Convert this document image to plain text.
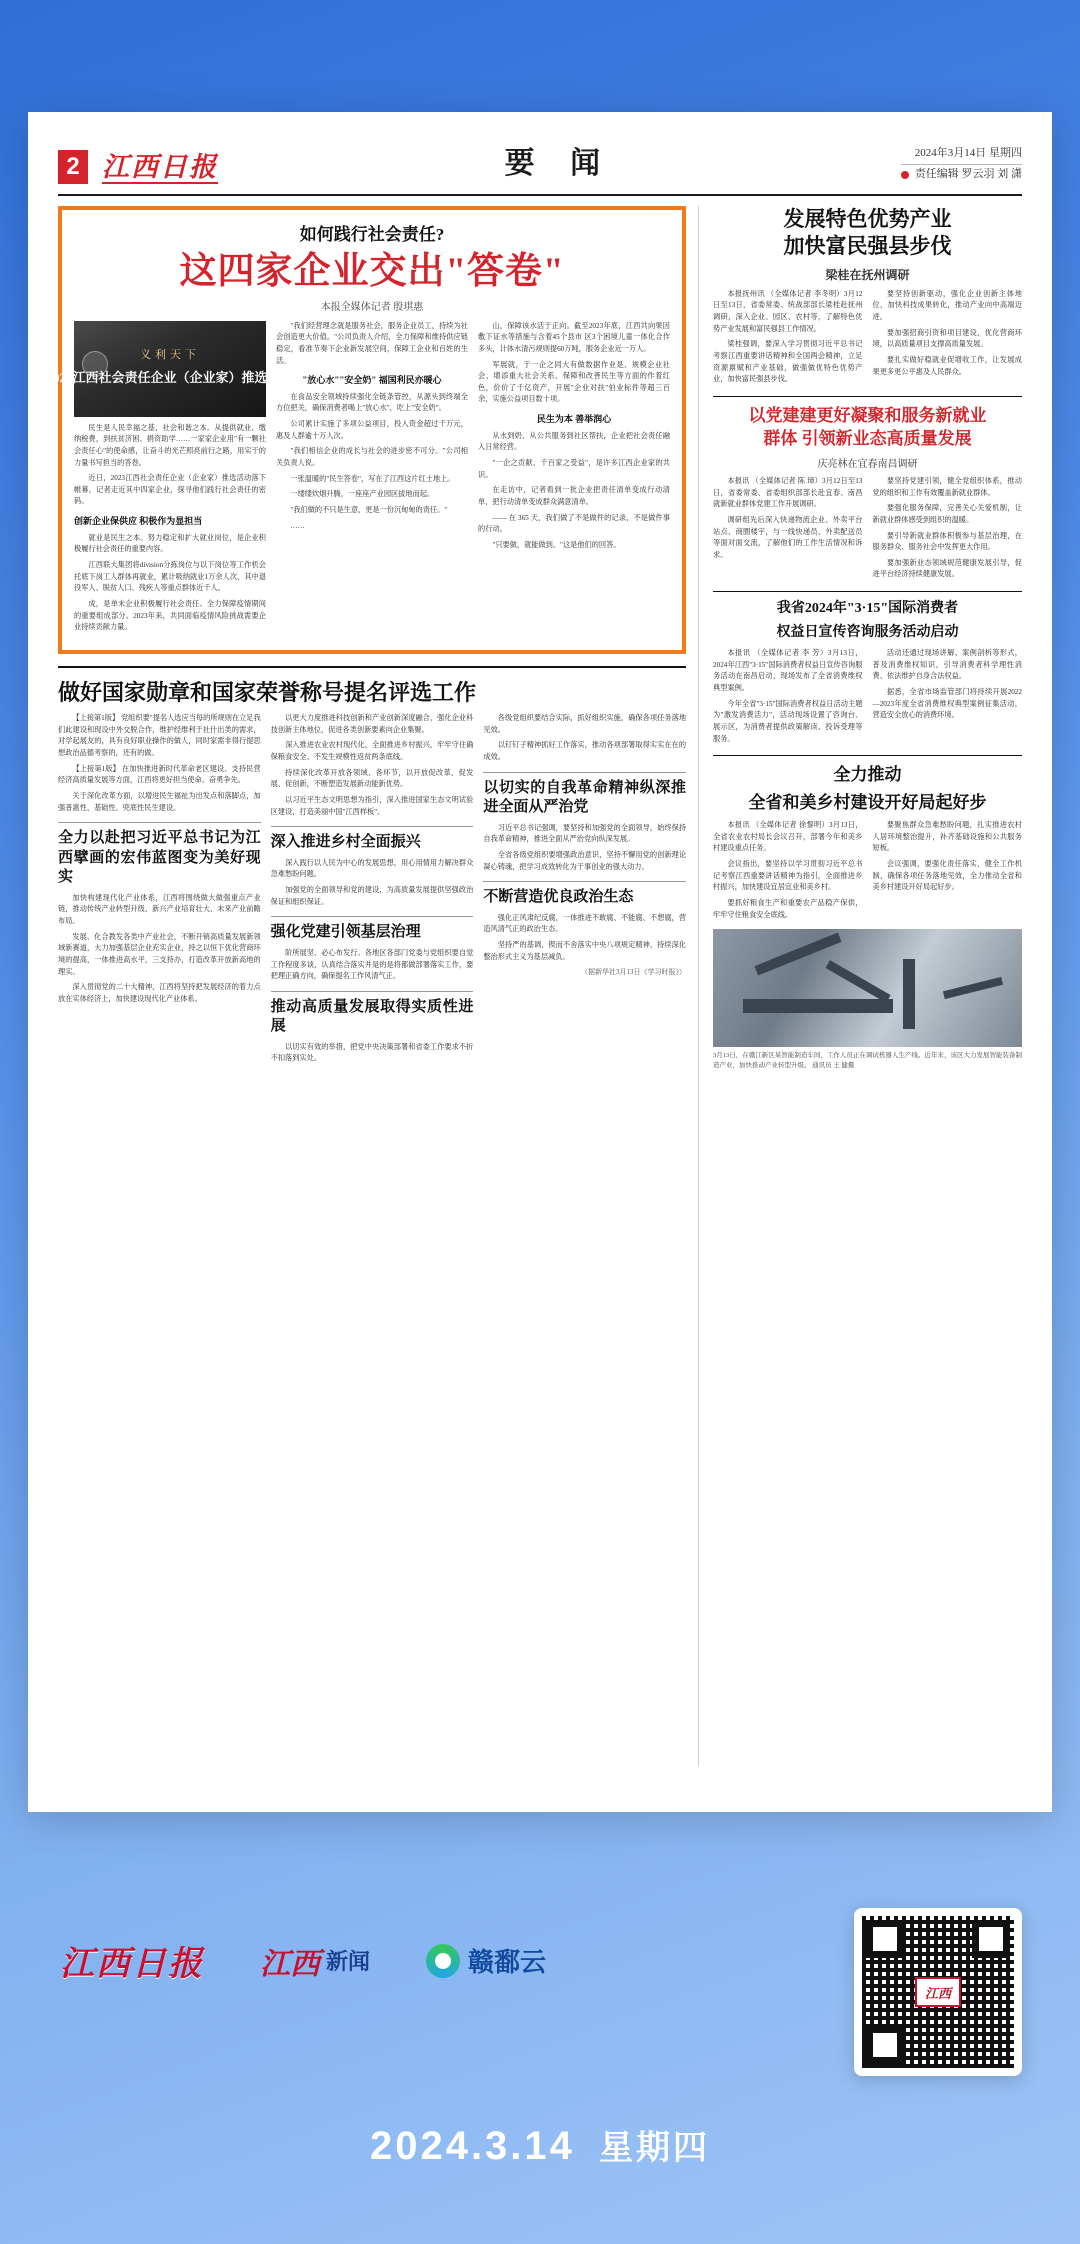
2 江西日报	要 闻	2024年3月14日 星期四
责任编辑 罗云羽 刘 潇
如何践行社会责任?
这四家企业交出"答卷"
本报全媒体记者 殷琪惠
义利天下
2023江西社会责任企业（企业家）推选活动

民生是人民幸福之基，社会和谐之本。从提供就业、缴纳税费，到扶贫济困、捐资助学……一家家企业用"有一颗社会责任心"的使命感，让奋斗的光芒照亮前行之路，用实干的力量书写担当的答卷。

近日，2023江西社会责任企业（企业家）推选活动落下帷幕，记者走近其中四家企业，探寻他们践行社会责任的密码。

创新企业保供应 积极作为显担当

就业是民生之本。努力稳定和扩大就业岗位，是企业积极履行社会责任的重要内容。

江西联大集团将division分拣岗位与以下岗位等工作机会托底下岗工人群体再就业，累计吸纳就业1万余人次，其中退役军人、脱贫人口、残疾人等重点群体近千人。

成，是单未企业积极履行社会责任。全力保障疫情期间的重要组成部分。2023年来，共同面临疫情风险挑战需要企业持续贡献力量。

"我们经营理念就是服务社会，服务企业员工，持续为社会创造更大价值。"公司负责人介绍，全力保障和维持供应链稳定，看准节奏下企业新发展空间，保障工企业和百姓的生活。

"放心水""安全奶" 福国利民亦暖心

在食品安全领域持续强化全链条管控，从源头到终端全方位把关，确保消费者喝上"放心水"，吃上"安全奶"。

公司累计实施了多项公益项目，投入资金超过千万元，惠及人群逾十万人次。

"我们相信企业的成长与社会的进步密不可分。"公司相关负责人说。

一张温暖的"民生答卷"，写在了江西这片红土地上。

一缕缕炊烟升腾，一座座产业园区拔地而起。

"我们做的不只是生意，更是一份沉甸甸的责任。"

……

山，保障该水活于正向。截至2023年底，江西共向果因敷下证水等措施与含着45个县市 区3个困境儿童一体化合作多头，计体水清污规则提60万吨，服务企业近一万人。

军展就，于一企之同大有做数据作业是、规模企业社会、增添重大社会关系、保障和改善民生等方面的作着红色，价价了千亿资产，开展"企业对扶"伯业标件等超三百余，实施公益项目数十项。

民生为本 善举润心

从水到奶、从公共服务到社区帮扶，企业把社会责任融入日常经营。

"一企之贡献、千百家之受益"，是许多江西企业家的共识。

在走访中，记者看到一批企业把责任清单变成行动清单，把行动清单变成群众满意清单。

—— 在 365 天，我们做了不是做件的记录，不是做件事的行动。

"只要做，就能做到。"这是他们的回答。

做好国家勋章和国家荣誉称号提名评选工作

【上接第1版】 党组织要"提名人选应当每的所规则在立足我们此建设和现设中外交脱合作，维护经维利于社什出类的需求，对学起展友的，具有良好职业操作的做人，同时家需非得行提思想政治品德考察的，还有的做。

【上接第1版】 在加快推进新时代革命老区建设、支持民营经济高质量发展等方面，江西将更好担当使命、奋勇争先。

关于深化改革方面，以增进民生福祉为出发点和落脚点，加强普惠性、基础性、兜底性民生建设。

全力以赴把习近平总书记为江西擘画的宏伟蓝图变为美好现实

加快构建现代化产业体系，江西将围绕做大做强重点产业链，推动传统产业转型升级、新兴产业培育壮大、未来产业前瞻布局。

发展、化合教发各类中产业社会，不断开销高质量发展新领域新赛道，大力加强基层企业充实企业，持之以恒下优化营商环境的提高，一体推进高水平，三支持办，打造改革开放新高地的理实。

深入贯彻党的二十大精神，江西将坚持把发展经济的着力点放在实体经济上，加快建设现代化产业体系。

以更大力度推进科技创新和产业创新深度融合，强化企业科技创新主体地位，促进各类创新要素向企业集聚。

深入推进农业农村现代化，全面推进乡村振兴，牢牢守住确保粮食安全、不发生规模性返贫两条底线。

持续深化改革开放各领域、各环节，以开放促改革、促发展、促创新，不断塑造发展新动能新优势。

以习近平生态文明思想为指引，深入推进国家生态文明试验区建设，打造美丽中国"江西样板"。

深入推进乡村全面振兴

深入践行以人民为中心的发展思想，用心用情用力解决群众急难愁盼问题。

加强党的全面领导和党的建设，为高质量发展提供坚强政治保证和组织保证。

强化党建引领基层治理

阶所展坚、必心布发行。各地区各部门党委与党组织要自觉工作程度多谈，认真结合落实并是的是将都做部署落实工作，要把理正确方向，确保提名工作风清气正。

推动高质量发展取得实质性进展

以切实有效的举措，把党中央决策部署和省委工作要求不折不扣落到实处。

各级党组织要结合实际，抓好组织实施，确保各项任务落地见效。

以钉钉子精神抓好工作落实，推动各项部署取得实实在在的成效。

以切实的自我革命精神纵深推进全面从严治党

习近平总书记强调，要坚持和加强党的全面领导，始终保持自我革命精神，推进全面从严治党向纵深发展。

全省各级党组织要增强政治意识，坚持不懈用党的创新理论凝心铸魂，把学习成效转化为干事创业的强大动力。

不断营造优良政治生态

强化正风肃纪反腐，一体推进不敢腐、不能腐、不想腐，营造风清气正的政治生态。

坚持严的基调，锲而不舍落实中央八项规定精神，持续深化整治形式主义为基层减负。

（据新华社3月13日《学习时报》）
发展特色优势产业
加快富民强县步伐
梁桂在抚州调研

本报抚州讯 （全媒体记者 李冬明）3月12日至13日，省委常委、统战部部长梁桂赴抚州调研，深入企业、园区、农村等，了解特色优势产业发展和富民强县工作情况。

梁桂强调，要深入学习贯彻习近平总书记考察江西重要讲话精神和全国两会精神，立足资源禀赋和产业基础，做强做优特色优势产业，加快富民强县步伐。

要坚持创新驱动，强化企业创新主体地位，加快科技成果转化，推动产业向中高端迈进。

要加强招商引资和项目建设，优化营商环境，以高质量项目支撑高质量发展。

要扎实做好稳就业促增收工作，让发展成果更多更公平惠及人民群众。

以党建建更好凝聚和服务新就业
群体 引领新业态高质量发展
庆亮林在宜春南昌调研

本报讯 （全媒体记者 陈 璋）3月12日至13日，省委常委、省委组织部部长赴宜春、南昌就新就业群体党建工作开展调研。

调研组先后深入快递物流企业、外卖平台站点、商圈楼宇，与一线快递员、外卖配送员等面对面交流，了解他们的工作生活情况和诉求。

要坚持党建引领，健全党组织体系，推动党的组织和工作有效覆盖新就业群体。

要强化服务保障，完善关心关爱机制，让新就业群体感受到组织的温暖。

要引导新就业群体积极参与基层治理，在服务群众、服务社会中发挥更大作用。

要加强新业态领域规范健康发展引导，促进平台经济持续健康发展。

我省2024年"3·15"国际消费者
权益日宣传咨询服务活动启动

本报讯 （全媒体记者 李 芳）3月13日，2024年江西"3·15"国际消费者权益日宣传咨询服务活动在南昌启动，现场发布了全省消费维权典型案例。

今年全省"3·15"国际消费者权益日活动主题为"激发消费活力"，活动现场设置了咨询台、展示区，为消费者提供政策解读、投诉受理等服务。

活动还通过现场讲解、案例剖析等形式，普及消费维权知识，引导消费者科学理性消费、依法维护自身合法权益。

据悉，全省市场监管部门将持续开展2022—2023年度全省消费维权典型案例征集活动，营造安全放心的消费环境。

全力推动
全省和美乡村建设开好局起好步

本报讯 （全媒体记者 徐黎明）3月13日，全省农业农村局长会议召开，部署今年和美乡村建设重点任务。

会议指出，要坚持以学习贯彻习近平总书记考察江西重要讲话精神为指引，全面推进乡村振兴，加快建设宜居宜业和美乡村。

要抓好粮食生产和重要农产品稳产保供，牢牢守住粮食安全底线。

要聚焦群众急难愁盼问题，扎实推进农村人居环境整治提升，补齐基础设施和公共服务短板。

会议强调，要强化责任落实，健全工作机制，确保各项任务落地见效，全力推动全省和美乡村建设开好局起好步。

3月13日，在赣江新区某智能制造车间，工作人员正在调试机器人生产线。近年来，该区大力发展智能装备制造产业，加快推动产业转型升级。 通讯员 王 健摄
江西日报 江西 新闻	赣鄱云
江西
2024.3.14 星期四
